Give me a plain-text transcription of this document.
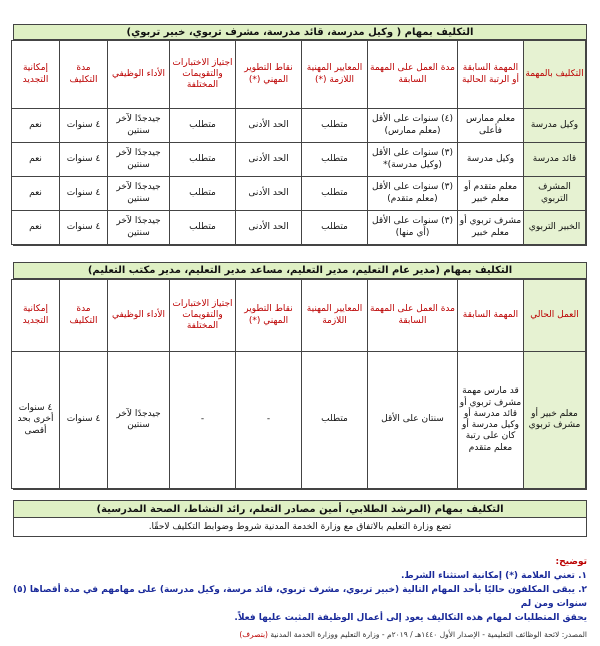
التكليف بمهام ( وكيل مدرسة، قائد مدرسة، مشرف تربوي، خبير تربوي)
التكليف بالمهمة	المهمة السابقة أو الرتبة الحالية	مدة العمل على المهمة السابقة	المعايير المهنية اللازمة (*)	نقاط التطوير المهني (*)	اجتياز الاختبارات والتقويمات المختلفة	الأداء الوظيفي	مدة التكليف	إمكانية التجديد
وكيل مدرسة	معلم ممارس فأعلى	(٤) سنوات على الأقل (معلم ممارس)	متطلب	الحد الأدنى	متطلب	جيدجدًا لآخر سنتين	٤ سنوات	نعم
قائد مدرسة	وكيل مدرسة	(٣) سنوات على الأقل (وكيل مدرسة)*	متطلب	الحد الأدنى	متطلب	جيدجدًا لآخر سنتين	٤ سنوات	نعم
المشرف التربوي	معلم متقدم أو معلم خبير	(٣) سنوات على الأقل (معلم متقدم)	متطلب	الحد الأدنى	متطلب	جيدجدًا لآخر سنتين	٤ سنوات	نعم
الخبير التربوي	مشرف تربوي أو معلم خبير	(٣) سنوات على الأقل (أي منها)	متطلب	الحد الأدنى	متطلب	جيدجدًا لآخر سنتين	٤ سنوات	نعم
التكليف بمهام (مدير عام التعليم، مدير التعليم، مساعد مدير التعليم، مدير مكتب التعليم)
العمل الحالي	المهمة السابقة	مدة العمل على المهمة السابقة	المعايير المهنية اللازمة	نقاط التطوير المهني (*)	اجتياز الاختبارات والتقويمات المختلفة	الأداء الوظيفي	مدة التكليف	إمكانية التجديد
معلم خبير أو مشرف تربوي	قد مارس مهمة مشرف تربوي أو قائد مدرسة أو وكيل مدرسة أو كان على رتبة معلم متقدم	سنتان على الأقل	متطلب	-	-	جيدجدًا لآخر سنتين	٤ سنوات	٤ سنوات أخرى بحد أقصى
التكليف بمهام (المرشد الطلابي، أمين مصادر التعلم، رائد النشاط، الصحة المدرسية)
تضع وزارة التعليم بالاتفاق مع وزارة الخدمة المدنية شروط وضوابط التكليف لاحقًا.
توضيح:
١. تعني العلامة (*) إمكانية استثناء الشرط.
٢. يبقى المكلفون حاليًا بأحد المهام التالية (خبير تربوي، مشرف تربوي، قائد مرسة، وكيل مدرسة) على مهامهم في مدة أقصاها (٥) سنوات ومن لم
يحقق المتطلبات لمهام هذه التكاليف يعود إلى أعمال الوظيفة المثبت عليها فعلاً.
المصدر: لائحة الوظائف التعليمية - الإصدار الأول ١٤٤٠هـ / ٢٠١٩م - وزارة التعليم ووزارة الخدمة المدنية (بتصرف)
